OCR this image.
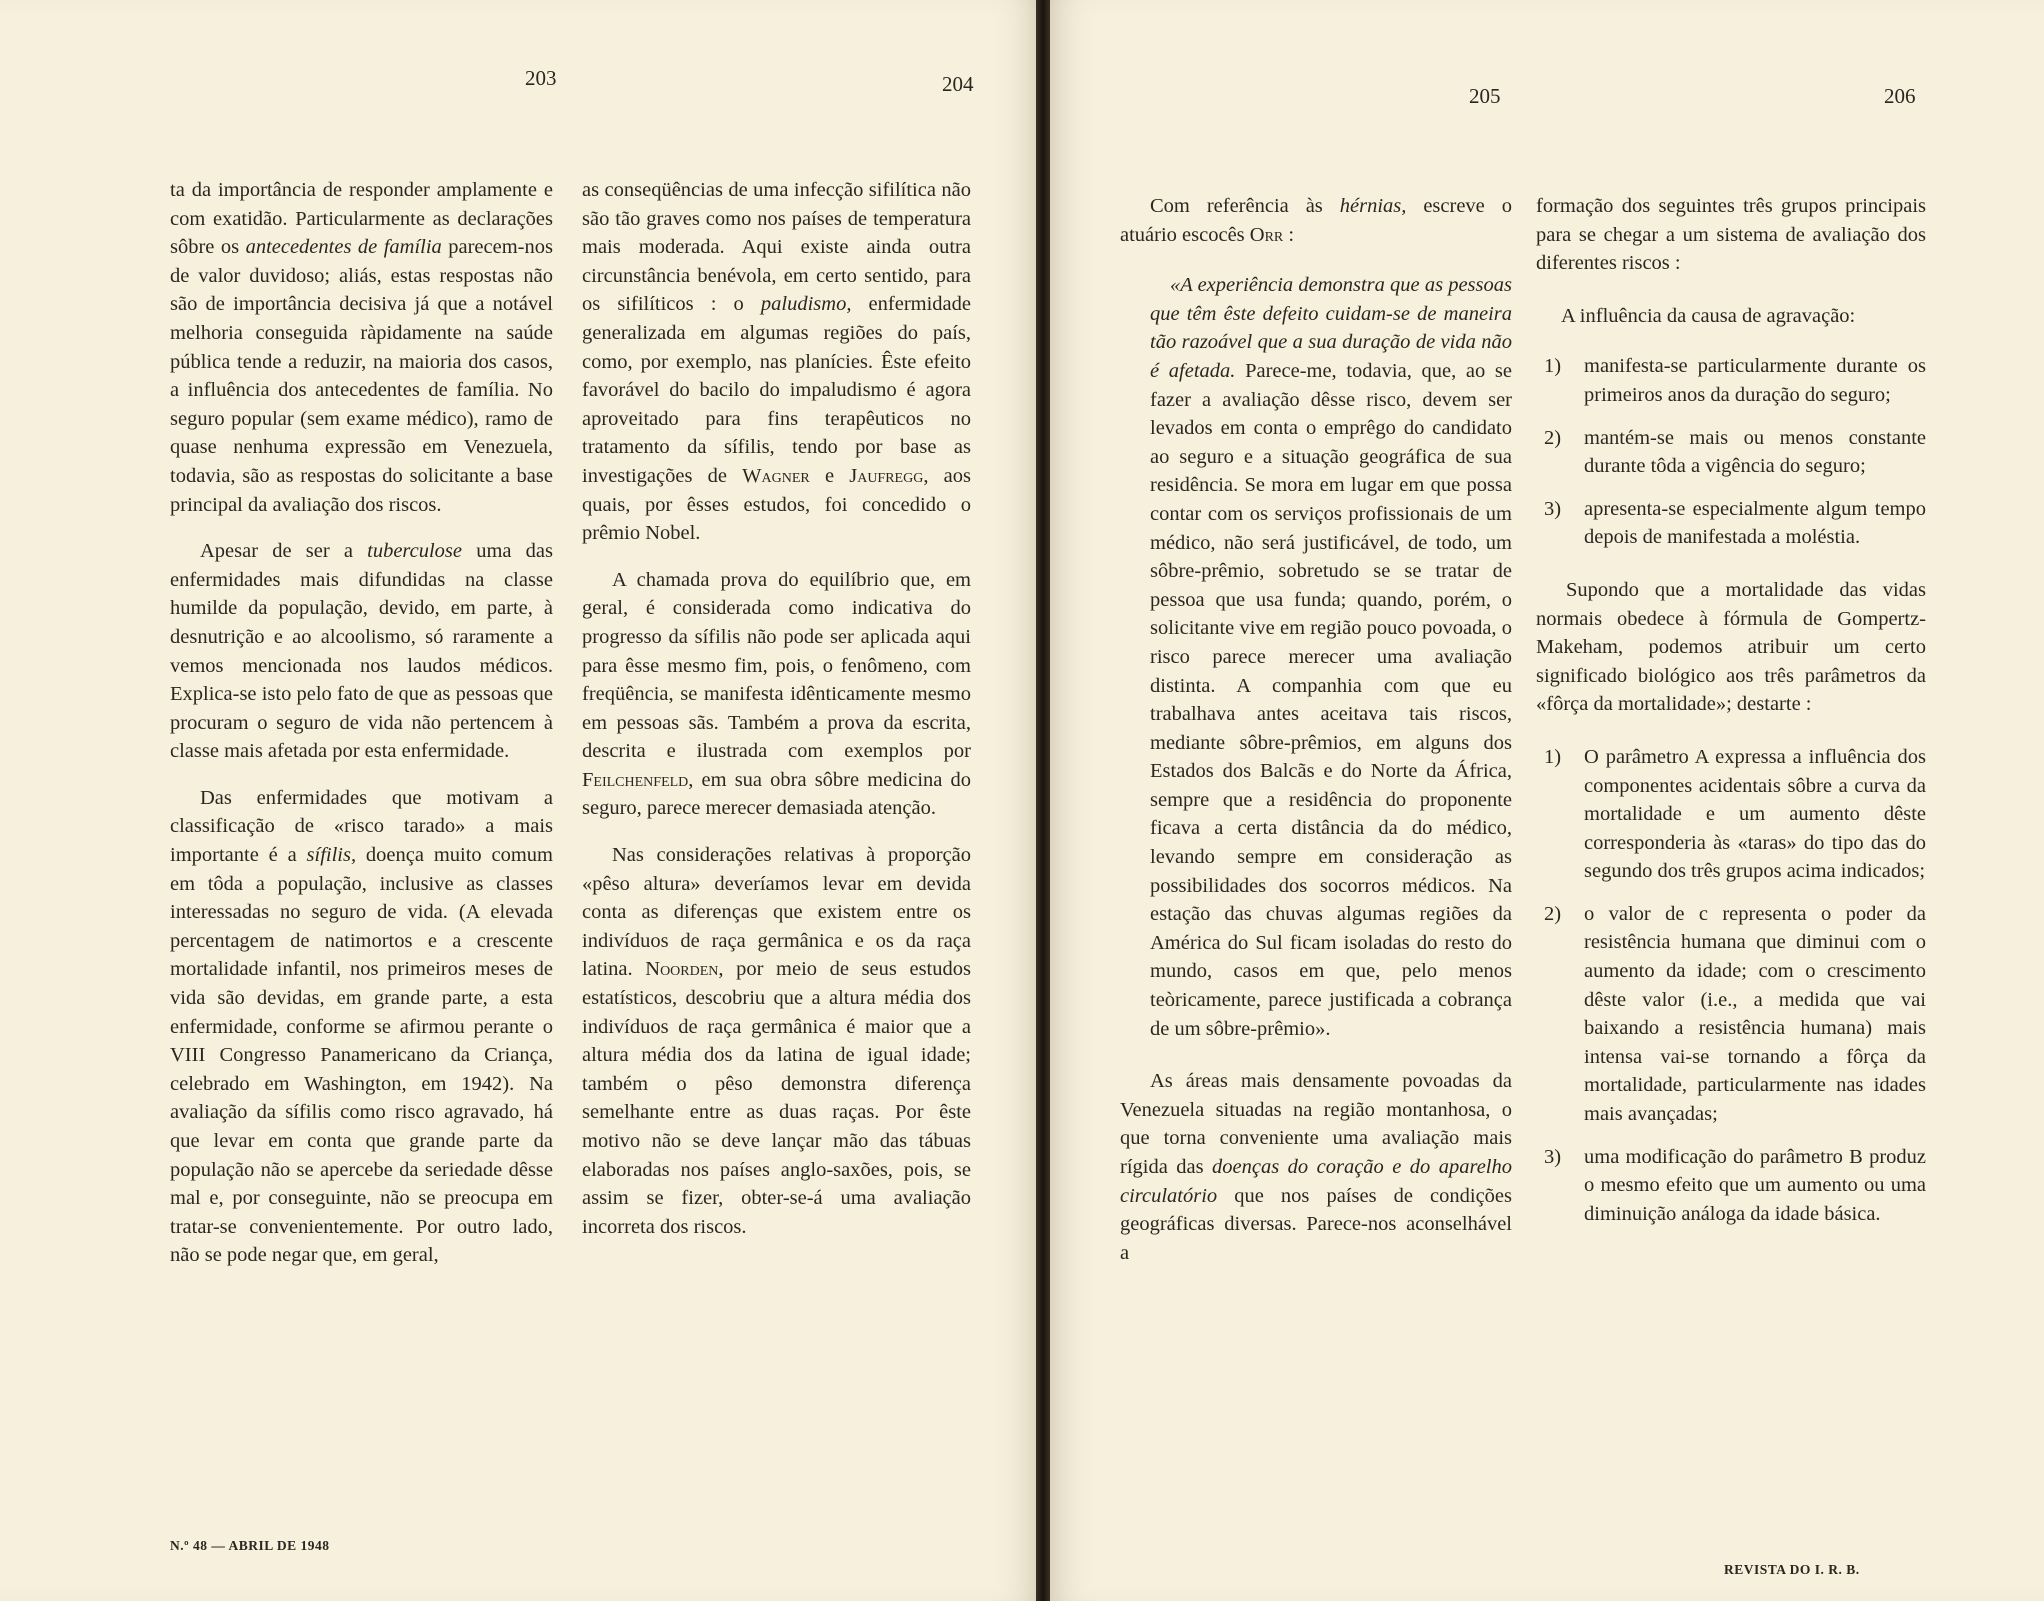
203	204	205	206

ta da importância de responder amplamente e com exatidão. Particularmente as declarações sôbre os antecedentes de família parecem-nos de valor duvidoso; aliás, estas respostas não são de importância decisiva já que a notável melhoria conseguida ràpidamente na saúde pública tende a reduzir, na maioria dos casos, a influência dos antecedentes de família. No seguro popular (sem exame médico), ramo de quase nenhuma expressão em Venezuela, todavia, são as respostas do solicitante a base principal da avaliação dos riscos.

Apesar de ser a tuberculose uma das enfermidades mais difundidas na classe humilde da população, devido, em parte, à desnutrição e ao alcoolismo, só raramente a vemos mencionada nos laudos médicos. Explica-se isto pelo fato de que as pessoas que procuram o seguro de vida não pertencem à classe mais afetada por esta enfermidade.

Das enfermidades que motivam a classificação de «risco tarado» a mais importante é a sífilis, doença muito comum em tôda a população, inclusive as classes interessadas no seguro de vida. (A elevada percentagem de natimortos e a crescente mortalidade infantil, nos primeiros meses de vida são devidas, em grande parte, a esta enfermidade, conforme se afirmou perante o VIII Congresso Panamericano da Criança, celebrado em Washington, em 1942). Na avaliação da sífilis como risco agravado, há que levar em conta que grande parte da população não se apercebe da seriedade dêsse mal e, por conseguinte, não se preocupa em tratar-se convenientemente. Por outro lado, não se pode negar que, em geral,

as conseqüências de uma infecção sifilítica não são tão graves como nos países de temperatura mais moderada. Aqui existe ainda outra circunstância benévola, em certo sentido, para os sifilíticos : o paludismo, enfermidade generalizada em algumas regiões do país, como, por exemplo, nas planícies. Êste efeito favorável do bacilo do impaludismo é agora aproveitado para fins terapêuticos no tratamento da sífilis, tendo por base as investigações de Wagner e Jaufregg, aos quais, por êsses estudos, foi concedido o prêmio Nobel.

A chamada prova do equilíbrio que, em geral, é considerada como indicativa do progresso da sífilis não pode ser aplicada aqui para êsse mesmo fim, pois, o fenômeno, com freqüência, se manifesta idênticamente mesmo em pessoas sãs. Também a prova da escrita, descrita e ilustrada com exemplos por Feilchenfeld, em sua obra sôbre medicina do seguro, parece merecer demasiada atenção.

Nas considerações relativas à proporção «pêso altura» deveríamos levar em devida conta as diferenças que existem entre os indivíduos de raça germânica e os da raça latina. Noorden, por meio de seus estudos estatísticos, descobriu que a altura média dos indivíduos de raça germânica é maior que a altura média dos da latina de igual idade; também o pêso demonstra diferença semelhante entre as duas raças. Por êste motivo não se deve lançar mão das tábuas elaboradas nos países anglo-saxões, pois, se assim se fizer, obter-se-á uma avaliação incorreta dos riscos.

Com referência às hérnias, escreve o atuário escocês Orr :

«A experiência demonstra que as pessoas que têm êste defeito cuidam-se de maneira tão razoável que a sua duração de vida não é afetada. Parece-me, todavia, que, ao se fazer a avaliação dêsse risco, devem ser levados em conta o emprêgo do candidato ao seguro e a situação geográfica de sua residência. Se mora em lugar em que possa contar com os serviços profissionais de um médico, não será justificável, de todo, um sôbre-prêmio, sobretudo se se tratar de pessoa que usa funda; quando, porém, o solicitante vive em região pouco povoada, o risco parece merecer uma avaliação distinta. A companhia com que eu trabalhava antes aceitava tais riscos, mediante sôbre-prêmios, em alguns dos Estados dos Balcãs e do Norte da África, sempre que a residência do proponente ficava a certa distância da do médico, levando sempre em consideração as possibilidades dos socorros médicos. Na estação das chuvas algumas regiões da América do Sul ficam isoladas do resto do mundo, casos em que, pelo menos teòricamente, parece justificada a cobrança de um sôbre-prêmio».

As áreas mais densamente povoadas da Venezuela situadas na região montanhosa, o que torna conveniente uma avaliação mais rígida das doenças do coração e do aparelho circulatório que nos países de condições geográficas diversas. Parece-nos aconselhável a

formação dos seguintes três grupos principais para se chegar a um sistema de avaliação dos diferentes riscos :

A influência da causa de agravação:

1)	manifesta-se particularmente durante os primeiros anos da duração do seguro;
2)	mantém-se mais ou menos constante durante tôda a vigência do seguro;
3)	apresenta-se especialmente algum tempo depois de manifestada a moléstia.

Supondo que a mortalidade das vidas normais obedece à fórmula de Gompertz-Makeham, podemos atribuir um certo significado biológico aos três parâmetros da «fôrça da mortalidade»; destarte :

1)	O parâmetro A expressa a influência dos componentes acidentais sôbre a curva da mortalidade e um aumento dêste corresponderia às «taras» do tipo das do segundo dos três grupos acima indicados;
2)	o valor de c representa o poder da resistência humana que diminui com o aumento da idade; com o crescimento dêste valor (i.e., a medida que vai baixando a resistência humana) mais intensa vai-se tornando a fôrça da mortalidade, particularmente nas idades mais avançadas;
3)	uma modificação do parâmetro B produz o mesmo efeito que um aumento ou uma diminuição análoga da idade básica.
N.º 48 — ABRIL DE 1948
REVISTA DO I. R. B.
